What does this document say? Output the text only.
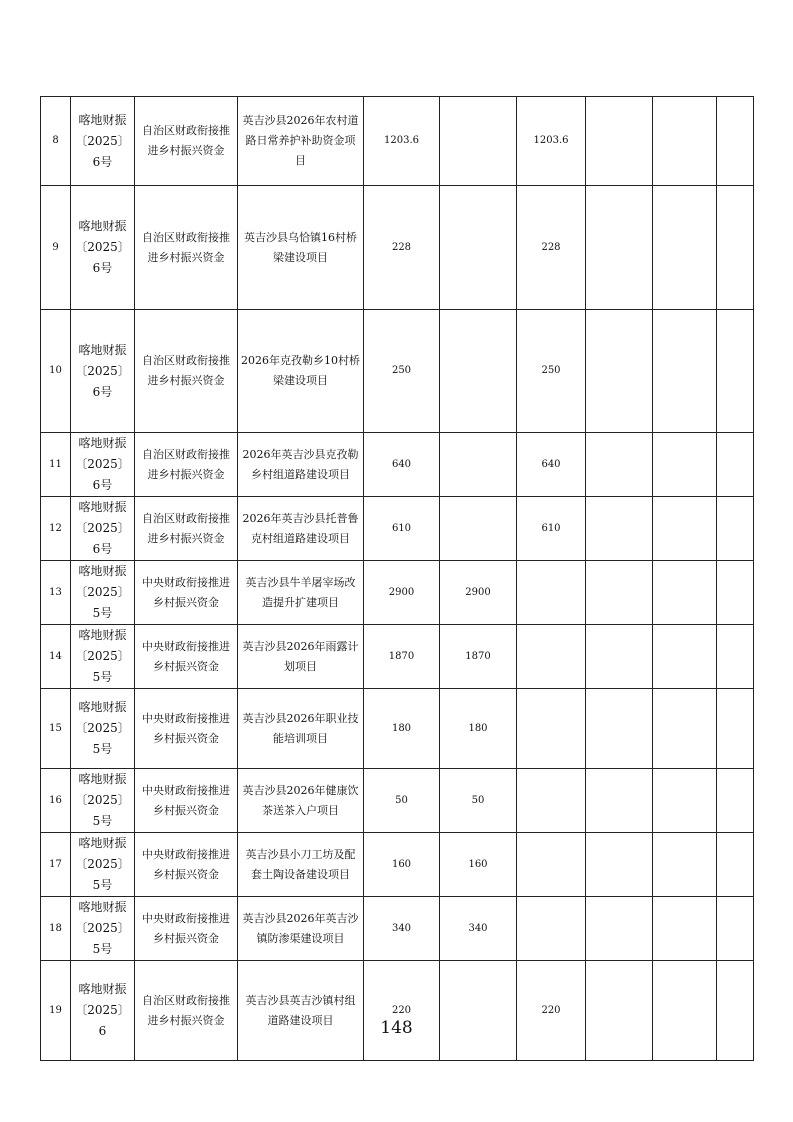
8	喀地财振〔2025〕6号	自治区财政衔接推进乡村振兴资金	英吉沙县2026年农村道路日常养护补助资金项目	1203.6		1203.6			
9	喀地财振〔2025〕6号	自治区财政衔接推进乡村振兴资金	英吉沙县乌恰镇16村桥梁建设项目	228		228			
10	喀地财振〔2025〕6号	自治区财政衔接推进乡村振兴资金	2026年克孜勒乡10村桥梁建设项目	250		250			
11	喀地财振〔2025〕6号	自治区财政衔接推进乡村振兴资金	2026年英吉沙县克孜勒乡村组道路建设项目	640		640			
12	喀地财振〔2025〕6号	自治区财政衔接推进乡村振兴资金	2026年英吉沙县托普鲁克村组道路建设项目	610		610			
13	喀地财振〔2025〕5号	中央财政衔接推进乡村振兴资金	英吉沙县牛羊屠宰场改造提升扩建项目	2900	2900				
14	喀地财振〔2025〕5号	中央财政衔接推进乡村振兴资金	英吉沙县2026年雨露计划项目	1870	1870				
15	喀地财振〔2025〕5号	中央财政衔接推进乡村振兴资金	英吉沙县2026年职业技能培训项目	180	180				
16	喀地财振〔2025〕5号	中央财政衔接推进乡村振兴资金	英吉沙县2026年健康饮茶送茶入户项目	50	50				
17	喀地财振〔2025〕5号	中央财政衔接推进乡村振兴资金	英吉沙县小刀工坊及配套土陶设备建设项目	160	160				
18	喀地财振〔2025〕5号	中央财政衔接推进乡村振兴资金	英吉沙县2026年英吉沙镇防渗渠建设项目	340	340				
19	喀地财振〔2025〕6	自治区财政衔接推进乡村振兴资金	英吉沙县英吉沙镇村组道路建设项目	220		220			
148
